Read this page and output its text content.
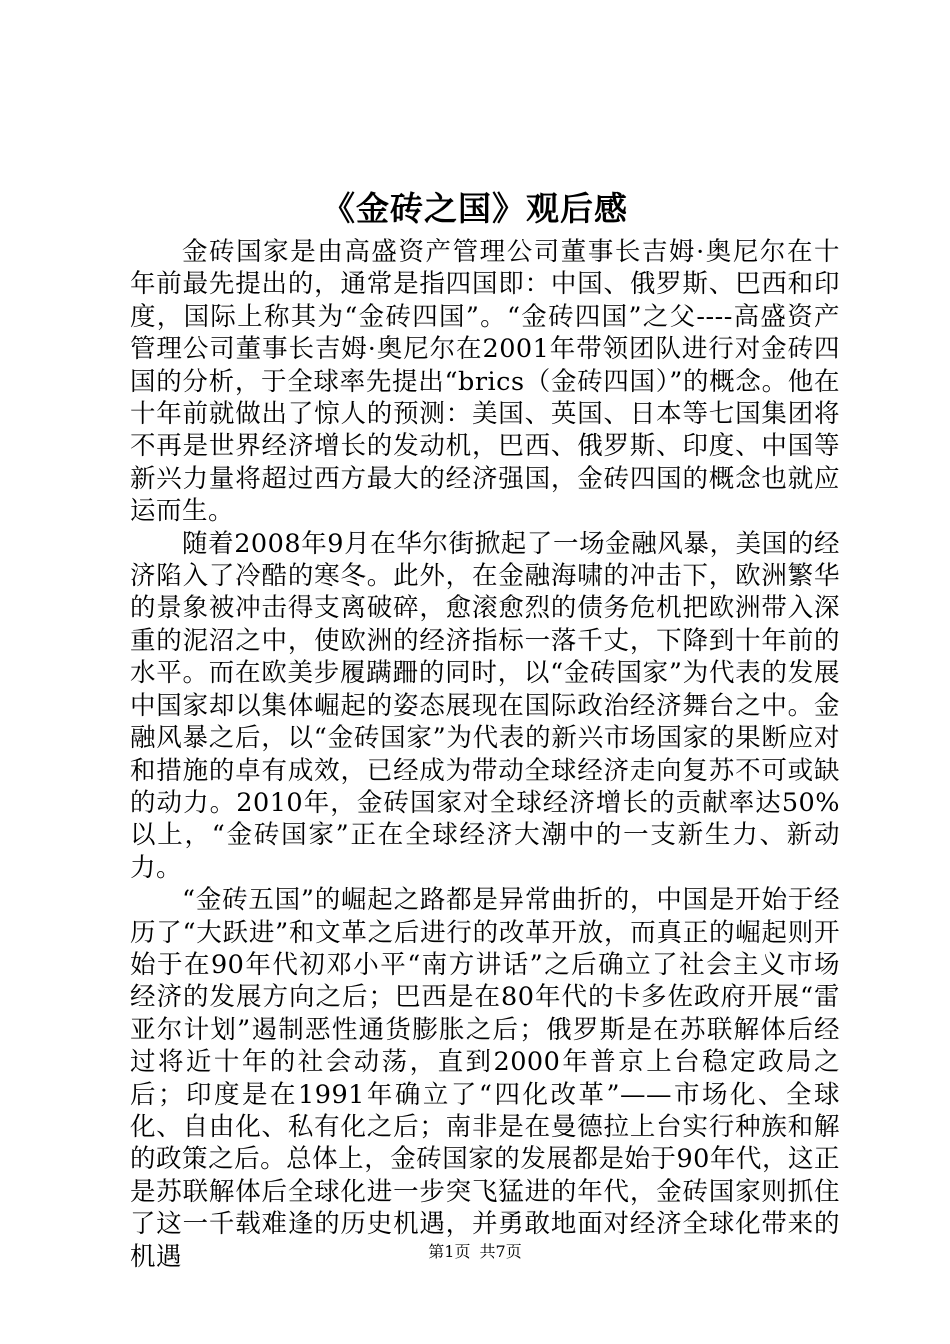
《金砖之国》观后感

金砖国家是由高盛资产管理公司董事长吉姆·奥尼尔在十年前最先提出的，通常是指四国即：中国、俄罗斯、巴西和印度，国际上称其为“金砖四国”。“金砖四国”之父----高盛资产管理公司董事长吉姆·奥尼尔在2001年带领团队进行对金砖四国的分析，于全球率先提出“brics（金砖四国）”的概念。他在十年前就做出了惊人的预测：美国、英国、日本等七国集团将不再是世界经济增长的发动机，巴西、俄罗斯、印度、中国等新兴力量将超过西方最大的经济强国，金砖四国的概念也就应运而生。

随着2008年9月在华尔街掀起了一场金融风暴，美国的经济陷入了冷酷的寒冬。此外，在金融海啸的冲击下，欧洲繁华的景象被冲击得支离破碎，愈滚愈烈的债务危机把欧洲带入深重的泥沼之中，使欧洲的经济指标一落千丈，下降到十年前的水平。而在欧美步履蹒跚的同时，以“金砖国家”为代表的发展中国家却以集体崛起的姿态展现在国际政治经济舞台之中。金融风暴之后，以“金砖国家”为代表的新兴市场国家的果断应对和措施的卓有成效，已经成为带动全球经济走向复苏不可或缺的动力。2010年，金砖国家对全球经济增长的贡献率达50%以上，“金砖国家”正在全球经济大潮中的一支新生力、新动力。

“金砖五国”的崛起之路都是异常曲折的，中国是开始于经历了“大跃进”和文革之后进行的改革开放，而真正的崛起则开始于在90年代初邓小平“南方讲话”之后确立了社会主义市场经济的发展方向之后；巴西是在80年代的卡多佐政府开展“雷亚尔计划”遏制恶性通货膨胀之后；俄罗斯是在苏联解体后经过将近十年的社会动荡，直到2000年普京上台稳定政局之后；印度是在1991年确立了“四化改革”——市场化、全球化、自由化、私有化之后；南非是在曼德拉上台实行种族和解的政策之后。总体上，金砖国家的发展都是始于90年代，这正是苏联解体后全球化进一步突飞猛进的年代，金砖国家则抓住了这一千载难逢的历史机遇，并勇敢地面对经济全球化带来的机遇	第1页 共7页
